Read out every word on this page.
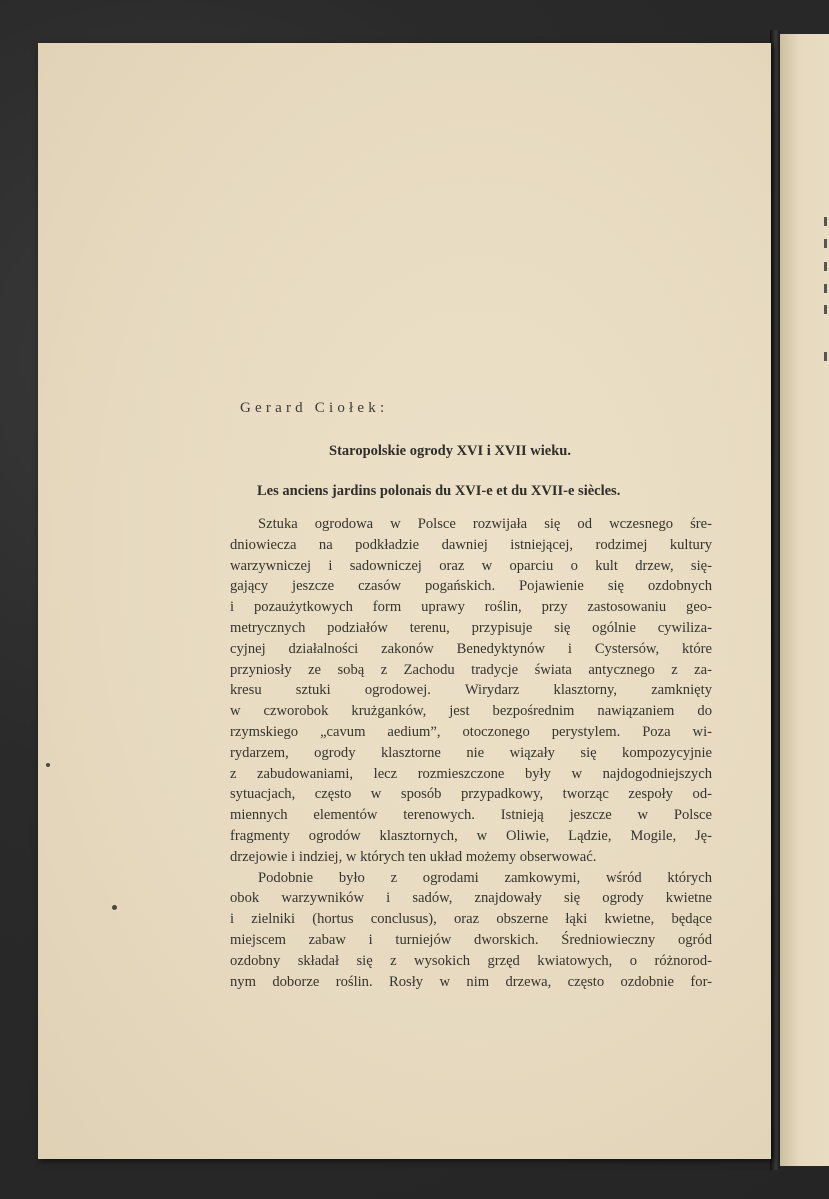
Gerard Ciołek:
Staropolskie ogrody XVI i XVII wieku.
Les anciens jardins polonais du XVI-e et du XVII-e siècles.
Sztuka ogrodowa w Polsce rozwijała się od wczesnego śre-
dniowiecza na podkładzie dawniej istniejącej, rodzimej kultury
warzywniczej i sadowniczej oraz w oparciu o kult drzew, się-
gający jeszcze czasów pogańskich. Pojawienie się ozdobnych
i pozaużytkowych form uprawy roślin, przy zastosowaniu geo-
metrycznych podziałów terenu, przypisuje się ogólnie cywiliza-
cyjnej działalności zakonów Benedyktynów i Cystersów, które
przyniosły ze sobą z Zachodu tradycje świata antycznego z za-
kresu sztuki ogrodowej. Wirydarz klasztorny, zamknięty
w czworobok krużganków, jest bezpośrednim nawiązaniem do
rzymskiego „cavum aedium”, otoczonego perystylem. Poza wi-
rydarzem, ogrody klasztorne nie wiązały się kompozycyjnie
z zabudowaniami, lecz rozmieszczone były w najdogodniejszych
sytuacjach, często w sposób przypadkowy, tworząc zespoły od-
miennych elementów terenowych. Istnieją jeszcze w Polsce
fragmenty ogrodów klasztornych, w Oliwie, Lądzie, Mogile, Ję-
drzejowie i indziej, w których ten układ możemy obserwować.
Podobnie było z ogrodami zamkowymi, wśród których
obok warzywników i sadów, znajdowały się ogrody kwietne
i zielniki (hortus conclusus), oraz obszerne łąki kwietne, będące
miejscem zabaw i turniejów dworskich. Średniowieczny ogród
ozdobny składał się z wysokich grzęd kwiatowych, o różnorod-
nym doborze roślin. Rosły w nim drzewa, często ozdobnie for-
